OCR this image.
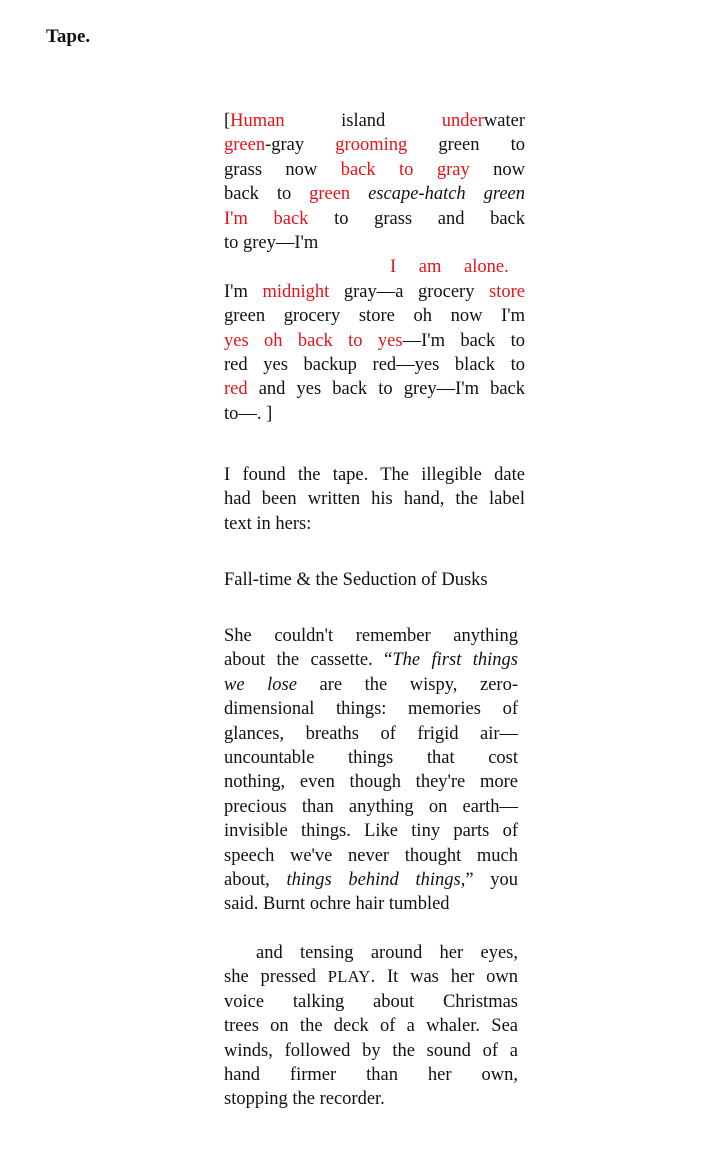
Tape.
[Human island underwater
green-gray grooming green to
grass now back to gray now
back to green escape-hatch green
I'm back to grass and back
to grey—I'm
I am alone.
I'm midnight gray—a grocery store
green grocery store oh now I'm
yes oh back to yes—I'm back to
red yes backup red—yes black to
red and yes back to grey—I'm back
to—. ]
I found the tape. The illegible date
had been written his hand, the label
text in hers:
Fall-time & the Seduction of Dusks
She couldn't remember anything
about the cassette. “The first things
we lose are the wispy, zero-
dimensional things: memories of
glances, breaths of frigid air—
uncountable things that cost
nothing, even though they're more
precious than anything on earth—
invisible things. Like tiny parts of
speech we've never thought much
about, things behind things,” you
said. Burnt ochre hair tumbled
and tensing around her eyes,
she pressed PLAY. It was her own
voice talking about Christmas
trees on the deck of a whaler. Sea
winds, followed by the sound of a
hand firmer than her own,
stopping the recorder.
